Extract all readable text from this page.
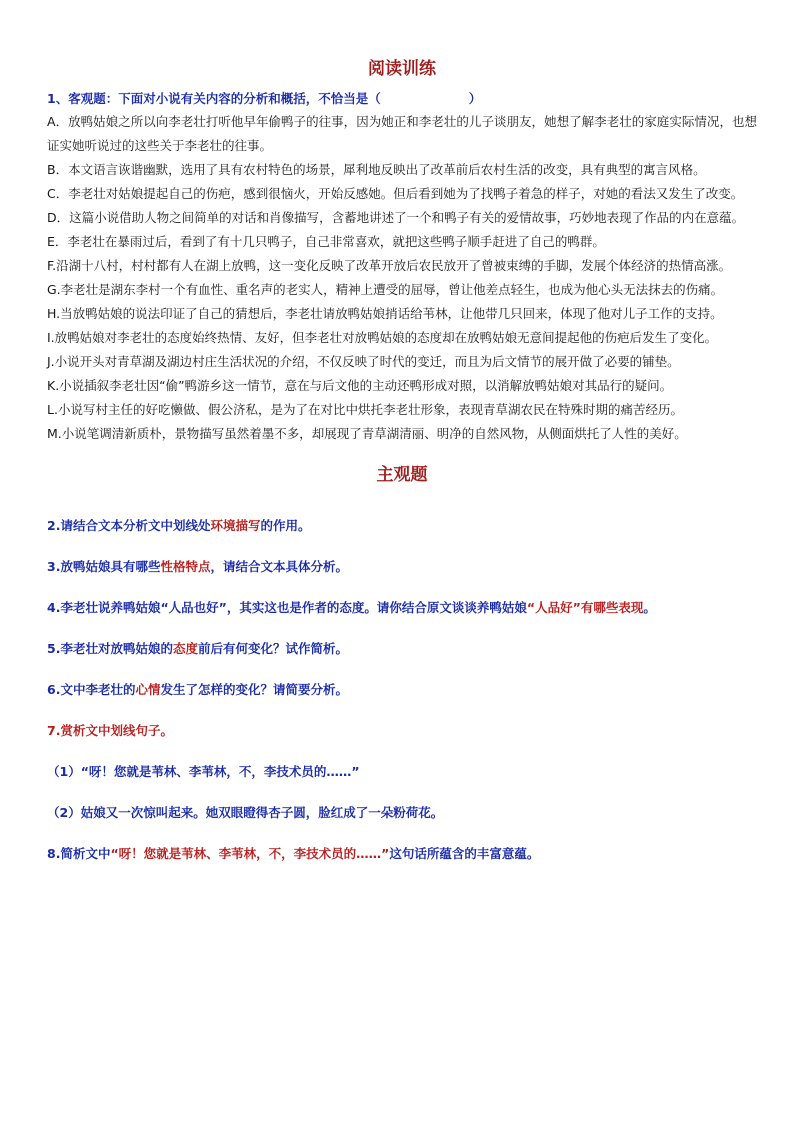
阅读训练

1、客观题：下面对小说有关内容的分析和概括，不恰当是（	）

A．放鸭姑娘之所以向李老壮打听他早年偷鸭子的往事，因为她正和李老壮的儿子谈朋友，她想了解李老壮的家庭实际情况，也想证实她听说过的这些关于李老壮的往事。

B．本文语言诙谐幽默，选用了具有农村特色的场景，犀利地反映出了改革前后农村生活的改变，具有典型的寓言风格。

C．李老壮对姑娘提起自己的伤疤，感到很恼火，开始反感她。但后看到她为了找鸭子着急的样子，对她的看法又发生了改变。

D．这篇小说借助人物之间简单的对话和肖像描写，含蓄地讲述了一个和鸭子有关的爱情故事，巧妙地表现了作品的内在意蕴。

E．李老壮在暴雨过后，看到了有十几只鸭子，自己非常喜欢，就把这些鸭子顺手赶进了自己的鸭群。

F.沿湖十八村，村村都有人在湖上放鸭，这一变化反映了改革开放后农民放开了曾被束缚的手脚，发展个体经济的热情高涨。

G.李老壮是湖东李村一个有血性、重名声的老实人，精神上遭受的屈辱，曾让他差点轻生，也成为他心头无法抹去的伤痛。

H.当放鸭姑娘的说法印证了自己的猜想后，李老壮请放鸭姑娘捎话给苇林，让他带几只回来，体现了他对儿子工作的支持。

I.放鸭姑娘对李老壮的态度始终热情、友好，但李老壮对放鸭姑娘的态度却在放鸭姑娘无意间提起他的伤疤后发生了变化。

J.小说开头对青草湖及湖边村庄生活状况的介绍，不仅反映了时代的变迁，而且为后文情节的展开做了必要的铺垫。

K.小说插叙李老壮因“偷”鸭游乡这一情节，意在与后文他的主动还鸭形成对照，以消解放鸭姑娘对其品行的疑问。

L.小说写村主任的好吃懒做、假公济私，是为了在对比中烘托李老壮形象，表现青草湖农民在特殊时期的痛苦经历。

M.小说笔调清新质朴，景物描写虽然着墨不多，却展现了青草湖清丽、明净的自然风物，从侧面烘托了人性的美好。

主观题

2.请结合文本分析文中划线处环境描写的作用。

3.放鸭姑娘具有哪些性格特点，请结合文本具体分析。

4.李老壮说养鸭姑娘“人品也好”，其实这也是作者的态度。请你结合原文谈谈养鸭姑娘“人品好”有哪些表现。

5.李老壮对放鸭姑娘的态度前后有何变化？试作简析。

6.文中李老壮的心情发生了怎样的变化？请简要分析。

7.赏析文中划线句子。

（1）“呀！您就是苇林、李苇林，不，李技术员的……”

（2）姑娘又一次惊叫起来。她双眼瞪得杏子圆，脸红成了一朵粉荷花。

8.简析文中“呀！您就是苇林、李苇林，不，李技术员的……”这句话所蕴含的丰富意蕴。
